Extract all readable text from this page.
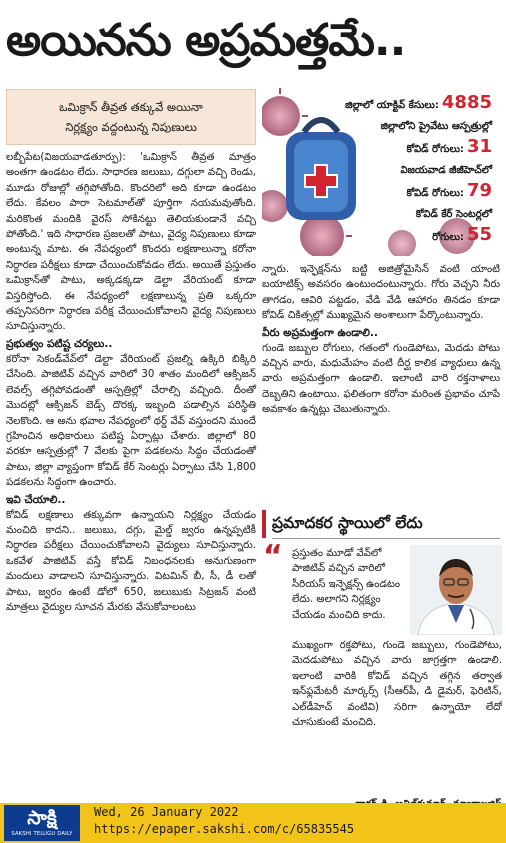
అయినను అప్రమత్తమే..
ఒమిక్రాన్ తీవ్రత తక్కువే అయినా
నిర్లక్ష్యం వద్దంటున్న నిపుణులు
జిల్లాలో యాక్టివ్ కేసులు: 4885
జిల్లాలోని ప్రైవేటు ఆస్పత్రుల్లో
కోవిడ్ రోగులు: 31
విజయవాడ జీజీహెచ్‌లో
కోవిడ్ రోగులు: 79
కోవిడ్ కేర్ సెంటర్లలో
రోగులు: 55

లబ్బీపేట(విజయవాడతూర్పు): 'ఒమిక్రాన్ తీవ్రత మాత్రం అంతగా ఉండటం లేదు. సాధారణ జలుబు, దగ్గులా వచ్చి రెండు, మూడు రోజుల్లో తగ్గిపోతోంది. కొందరిలో అది కూడా ఉండటం లేదు. కేవలం పారా సెటమాల్‌తో పూర్తిగా నయమవుతోంది. మరికొంత మందికి వైరస్ సోకినట్టు తెలియకుండానే వచ్చి పోతోంది.' ఇది సాధారణ ప్రజలతో పాటు, వైద్య నిపుణులు కూడా అంటున్న మాట. ఈ నేపధ్యంలో కొందరు లక్షణాలున్నా కరోనా నిర్ధారణ పరీక్షలు కూడా చేయించుకోవడం లేదు. అయితే ప్రస్తుతం ఒమిక్రాన్‌తో పాటు, అక్కడక్కడా డెల్టా వేరియంట్ కూడా విస్తరిస్తోంది. ఈ నేపధ్యంలో లక్షణాలున్న ప్రతి ఒక్కరూ తప్పనిసరిగా నిర్ధారణ పరీక్ష చేయించుకోవాలని వైద్య నిపుణులు సూచిస్తున్నారు.

ప్రభుత్వం పటిష్ట చర్యలు..

కరోనా సెకండ్‌వేవ్‌లో డెల్టా వేరియంట్ ప్రజల్ని ఉక్కిరి బిక్కిరి చేసింది. పాజిటివ్ వచ్చిన వారిలో 30 శాతం మందిలో ఆక్సిజన్ లెవల్స్ తగ్గిపోవడంతో ఆస్పత్రిల్లో చేరాల్సి వచ్చింది. దీంతో మొదట్లో ఆక్సిజన్ బెడ్స్ దొరక్క ఇబ్బంది పడాల్సిన పరిస్థితి నెలకొంది. ఆ అను భవాల నేపధ్యంలో థర్డ్‌ వేవ్ వస్తుందని ముందే గ్రహించిన అధికారులు పటిష్ట ఏర్పాట్లు చేశారు. జిల్లాలో 80 వరకూ ఆస్పత్రుల్లో 7 వేలకు పైగా పడకలను సిద్ధం చేయడంతో పాటు, జిల్లా వ్యాప్తంగా కోవిడ్ కేర్ సెంటర్లు ఏర్పాటు చేసి 1,800 పడకలను సిద్ధంగా ఉంచారు.

ఇవి చేయాలి..

కోవిడ్ లక్షణాలు తక్కువగా ఉన్నాయని నిర్లక్ష్యం చేయడం మంచిది కాదని.. జలుబు, దగ్గు, మైల్డ్ జ్వరం ఉన్నప్పటికీ నిర్ధారణ పరీక్షలు చేయించుకోవాలని వైద్యులు సూచిస్తున్నారు. ఒకవేళ పాజిటివ్ వస్తే కోవిడ్ నిబంధనలకు అనుగుణంగా మందులు వాడాలని సూచిస్తున్నారు. విటమిన్ బీ, సీ, డీ లతో పాటు, జ్వరం ఉంటే డోలో 650, జలుబుకు సిట్రజన్ వంటి మాత్రలు వైద్యుల సూచన మేరకు వేసుకోవాలంటు

న్నారు. ఇన్ఫెక్షన్‌ను బట్టి అజిత్రోమైసిన్ వంటి యాంటి బయాటిక్స్ అవసరం ఉంటుందంటున్నారు. గోరు వెచ్చని నీరు తాగడం, ఆవిరి పట్టడం, వేడి వేడి ఆహారం తినడం కూడా కోవిడ్ చికిత్సల్లో ముఖ్యమైన అంశాలుగా పేర్కొంటున్నారు.

వీరు అప్రమత్తంగా ఉండాలి..

గుండె జబ్బుల రోగులు, గతంలో గుండెపోటు, మెదడు పోటు వచ్చిన వారు, మధుమేహం వంటి దీర్ఘ కాలిక వ్యాధులు ఉన్న వారు అప్రమత్తంగా ఉండాలి. ఇలాంటి వారి రక్తనాళాలు దెబ్బతిని ఉంటాయి. ఫలితంగా కరోనా మరింత ప్రభావం చూపే అవకాశం ఉన్నట్లు చెబుతున్నారు.

ప్రమాదకర స్థాయిలో లేదు
“ ప్రస్తుతం మూడో వేవ్‌లో పాజిటివ్ వచ్చిన వారిలో సీరియస్ ఇన్ఫెక్షన్స్ ఉండటం లేదు. అలాగని నిర్లక్ష్యం చేయడం మంచిది కాదు.

ముఖ్యంగా రక్తపోటు, గుండె జబ్బులు, గుండెపోటు, మెదడుపోటు వచ్చిన వారు జాగ్రత్తగా ఉండాలి. ఇలాంటి వారికి కోవిడ్ వచ్చిన తగ్గిన తర్వాత ఇన్‌ఫ్లమేటరీ మార్కర్స్ (సీఆర్‌పీ, డి డైమర్, ఫెరిటిన్, ఎల్‌డీహెచ్ వంటివి) సరిగా ఉన్నాయో లేదో చూసుకుంటే మంచిది.

సాక్షి
SAKSHI TELUGU DAILY
Wed, 26 January 2022
https://epaper.sakshi.com/c/65835545
